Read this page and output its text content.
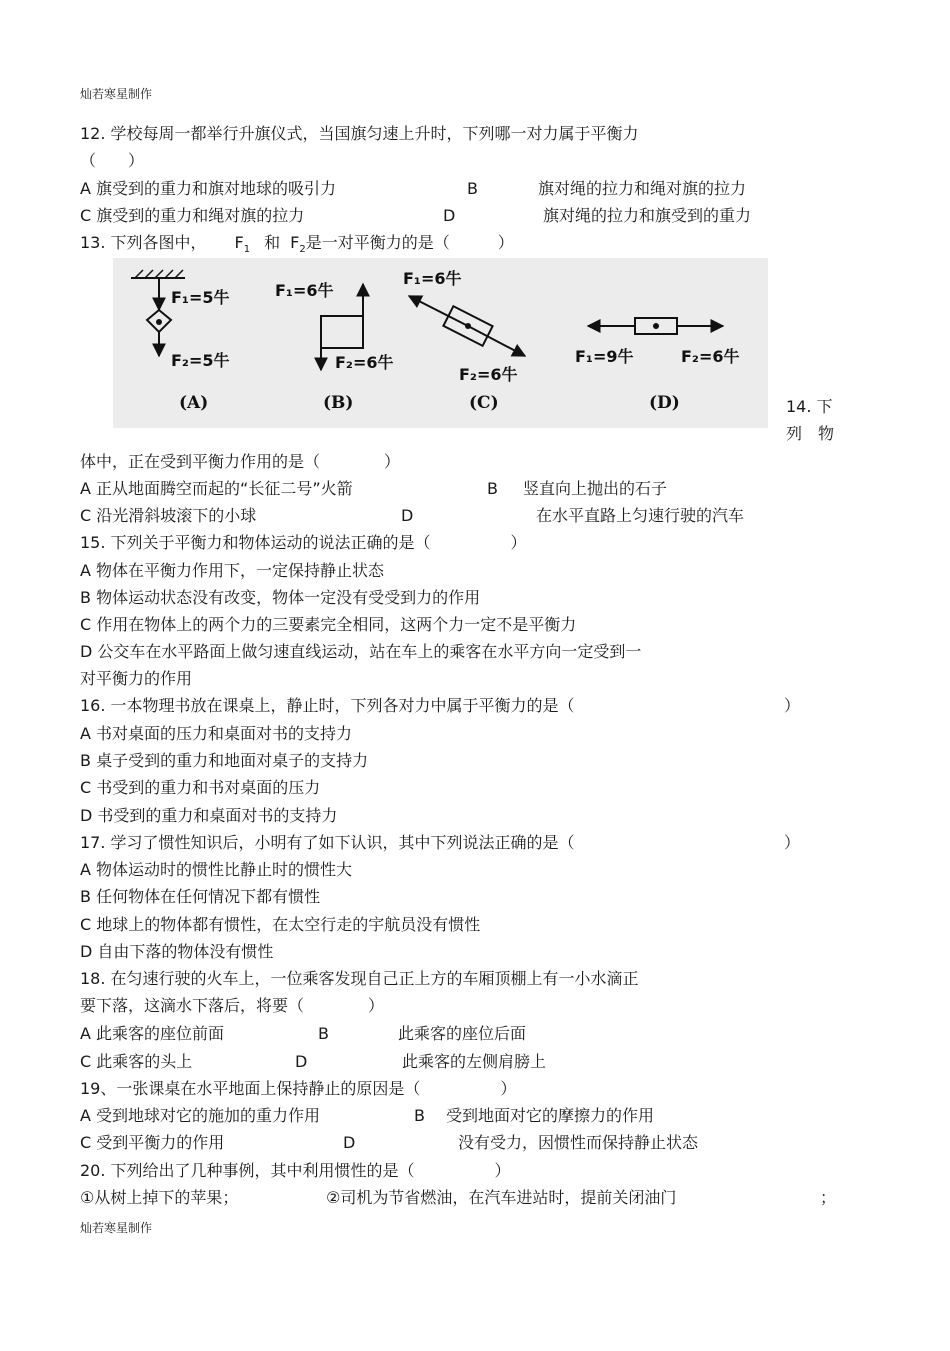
灿若寒星制作
12. 学校每周一都举行升旗仪式，当国旗匀速上升时，下列哪一对力属于平衡力
（　　）
A 旗受到的重力和旗对地球的吸引力	B	旗对绳的拉力和绳对旗的拉力
C 旗受到的重力和绳对旗的拉力	D	旗对绳的拉力和旗受到的重力
13. 下列各图中， $F_1$ 和 $F_2$是一对平衡力的是（　　　）
F₁=5牛
F₂=5牛
(A)
F₁=6牛
F₂=6牛
(B)
F₁=6牛
F₂=6牛
(C)
F₁=9牛	F₂=6牛
(D)	14. 下
列　物
体中，正在受到平衡力作用的是（　　　　）
A 正从地面腾空而起的“长征二号”火箭	B 竖直向上抛出的石子
C 沿光滑斜坡滚下的小球	D	在水平直路上匀速行驶的汽车
15. 下列关于平衡力和物体运动的说法正确的是（　　　　　）
A 物体在平衡力作用下，一定保持静止状态
B 物体运动状态没有改变，物体一定没有受受到力的作用
C 作用在物体上的两个力的三要素完全相同，这两个力一定不是平衡力
D 公交车在水平路面上做匀速直线运动，站在车上的乘客在水平方向一定受到一
对平衡力的作用
16. 一本物理书放在课桌上，静止时，下列各对力中属于平衡力的是（	）
A 书对桌面的压力和桌面对书的支持力
B 桌子受到的重力和地面对桌子的支持力
C 书受到的重力和书对桌面的压力
D 书受到的重力和桌面对书的支持力
17. 学习了惯性知识后，小明有了如下认识，其中下列说法正确的是（	）
A 物体运动时的惯性比静止时的惯性大
B 任何物体在任何情况下都有惯性
C 地球上的物体都有惯性，在太空行走的宇航员没有惯性
D 自由下落的物体没有惯性
18. 在匀速行驶的火车上，一位乘客发现自己正上方的车厢顶棚上有一小水滴正
要下落，这滴水下落后，将要（　　　　）
A 此乘客的座位前面	B	此乘客的座位后面
C 此乘客的头上	D	此乘客的左侧肩膀上
19、一张课桌在水平地面上保持静止的原因是（　　　　　）
A 受到地球对它的施加的重力作用	B 受到地面对它的摩擦力的作用
C 受到平衡力的作用	D	没有受力，因惯性而保持静止状态
20. 下列给出了几种事例，其中利用惯性的是（　　　　　）
①从树上掉下的苹果；	②司机为节省燃油，在汽车进站时，提前关闭油门	；
灿若寒星制作
